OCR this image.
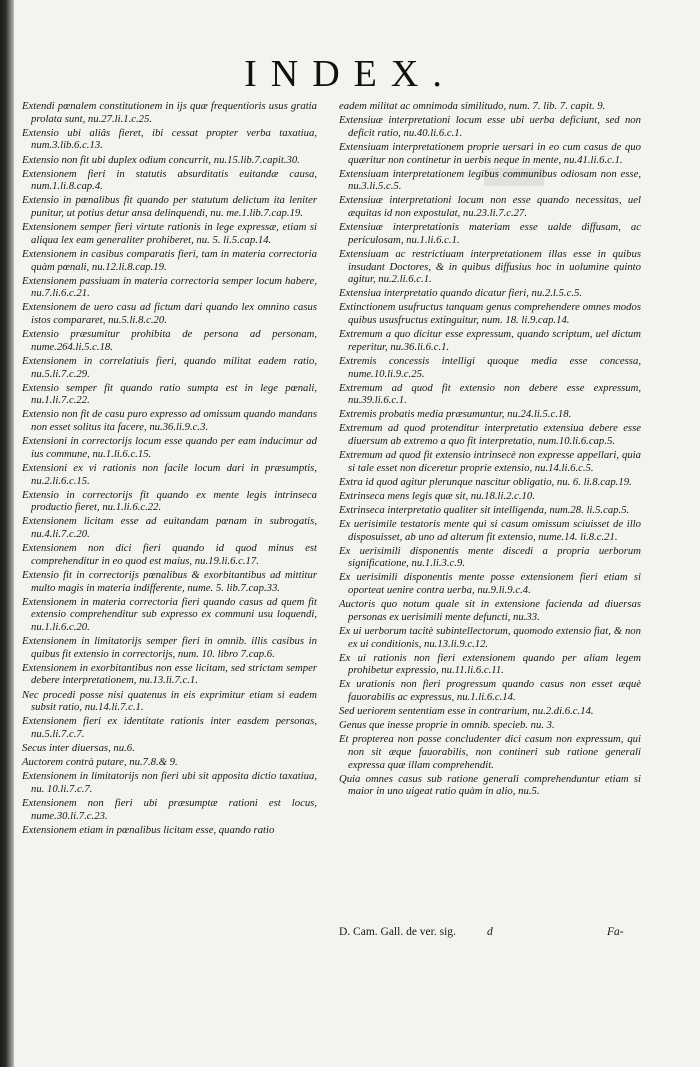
INDEX.

Extendi pœnalem constitutionem in ijs quæ frequentioris usus gratia prolata sunt, nu.27.li.1.c.25.

Extensio ubi aliâs fieret, ibi cessat propter verba taxatiua, num.3.lib.6.c.13.

Extensio non fit ubi duplex odium concurrit, nu.15.lib.7.capit.30.

Extensionem fieri in statutis absurditatis euitandæ causa, num.1.li.8.cap.4.

Extensio in pœnalibus fit quando per statutum delictum ita leniter punitur, ut potius detur ansa delinquendi, nu. me.1.lib.7.cap.19.

Extensionem semper fieri virtute rationis in lege expressæ, etiam si aliqua lex eam generaliter prohiberet, nu. 5. li.5.cap.14.

Extensionem in casibus comparatis fieri, tam in materia correctoria quàm pœnali, nu.12.li.8.cap.19.

Extensionem passiuam in materia correctoria semper locum habere, nu.7.li.6.c.21.

Extensionem de uero casu ad fictum dari quando lex omnino casus istos compararet, nu.5.li.8.c.20.

Extensio præsumitur prohibita de persona ad personam, nume.264.li.5.c.18.

Extensionem in correlatiuis fieri, quando militat eadem ratio, nu.5.li.7.c.29.

Extensio semper fit quando ratio sumpta est in lege pœnali, nu.1.li.7.c.22.

Extensio non fit de casu puro expresso ad omissum quando mandans non esset solitus ita facere, nu.36.li.9.c.3.

Extensioni in correctorijs locum esse quando per eam inducimur ad ius commune, nu.1.li.6.c.15.

Extensioni ex vi rationis non facile locum dari in præsumptis, nu.2.li.6.c.15.

Extensio in correctorijs fit quando ex mente legis intrinseca productio fieret, nu.1.li.6.c.22.

Extensionem licitam esse ad euitandam pœnam in subrogatis, nu.4.li.7.c.20.

Extensionem non dici fieri quando id quod minus est comprehenditur in eo quod est maius, nu.19.li.6.c.17.

Extensio fit in correctorijs pœnalibus & exorbitantibus ad mittitur multo magis in materia indifferente, nume. 5. lib.7.cap.33.

Extensionem in materia correctoria fieri quando casus ad quem fit extensio comprehenditur sub expresso ex communi usu loquendi, nu.1.li.6.c.20.

Extensionem in limitatorijs semper fieri in omnib. illis casibus in quibus fit extensio in correctorijs, num. 10. libro 7.cap.6.

Extensionem in exorbitantibus non esse licitam, sed strictam semper debere interpretationem, nu.13.li.7.c.1.

Nec procedi posse nisi quatenus in eis exprimitur etiam si eadem subsit ratio, nu.14.li.7.c.1.

Extensionem fieri ex identitate rationis inter easdem personas, nu.5.li.7.c.7.

Secus inter diuersas, nu.6.

Auctorem contrà putare, nu.7.8.& 9.

Extensionem in limitatorijs non fieri ubi sit apposita dictio taxatiua, nu. 10.li.7.c.7.

Extensionem non fieri ubi præsumptæ rationi est locus, nume.30.li.7.c.23.

Extensionem etiam in pœnalibus licitam esse, quando ratio

eadem militat ac omnimoda similitudo, num. 7. lib. 7. capit. 9.

Extensiuæ interpretationi locum esse ubi uerba deficiunt, sed non deficit ratio, nu.40.li.6.c.1.

Extensiuam interpretationem proprie uersari in eo cum casus de quo quæritur non continetur in uerbis neque in mente, nu.41.li.6.c.1.

Extensiuam interpretationem legibus communibus odiosam non esse, nu.3.li.5.c.5.

Extensiuæ interpretationi locum non esse quando necessitas, uel æquitas id non expostulat, nu.23.li.7.c.27.

Extensiuæ interpretationis materiam esse ualde diffusam, ac periculosam, nu.1.li.6.c.1.

Extensiuam ac restrictiuam interpretationem illas esse in quibus insudant Doctores, & in quibus diffusius hoc in uolumine quinto agitur, nu.2.li.6.c.1.

Extensiua interpretatio quando dicatur fieri, nu.2.l.5.c.5.

Extinctionem usufructus tanquam genus comprehendere omnes modos quibus ususfructus extinguitur, num. 18. li.9.cap.14.

Extremum a quo dicitur esse expressum, quando scriptum, uel dictum reperitur, nu.36.li.6.c.1.

Extremis concessis intelligi quoque media esse concessa, nume.10.li.9.c.25.

Extremum ad quod fit extensio non debere esse expressum, nu.39.li.6.c.1.

Extremis probatis media præsumuntur, nu.24.li.5.c.18.

Extremum ad quod protenditur interpretatio extensiua debere esse diuersum ab extremo a quo fit interpretatio, num.10.li.6.cap.5.

Extremum ad quod fit extensio intrinsecè non expresse appellari, quia si tale esset non diceretur proprie extensio, nu.14.li.6.c.5.

Extra id quod agitur plerunque nascitur obligatio, nu. 6. li.8.cap.19.

Extrinseca mens legis quæ sit, nu.18.li.2.c.10.

Extrinseca interpretatio qualiter sit intelligenda, num.28. li.5.cap.5.

Ex uerisimile testatoris mente qui si casum omissum sciuisset de illo disposuisset, ab uno ad alterum fit extensio, nume.14. li.8.c.21.

Ex uerisimili disponentis mente discedi a propria uerborum significatione, nu.1.li.3.c.9.

Ex uerisimili disponentis mente posse extensionem fieri etiam si oporteat uenire contra uerba, nu.9.li.9.c.4.

Auctoris quo notum quale sit in extensione facienda ad diuersas personas ex uerisimili mente defuncti, nu.33.

Ex ui uerborum tacitè subintellectorum, quomodo extensio fiat, & non ex ui conditionis, nu.13.li.9.c.12.

Ex ui rationis non fieri extensionem quando per aliam legem prohibetur expressio, nu.11.li.6.c.11.

Ex urationis non fieri progressum quando casus non esset æquè fauorabilis ac expressus, nu.1.li.6.c.14.

Sed ueriorem sententiam esse in contrarium, nu.2.di.6.c.14.

Genus que inesse proprie in omnib. specieb. nu. 3.

Et propterea non posse concludenter dici casum non expressum, qui non sit æque fauorabilis, non contineri sub ratione generali expressa quæ illam comprehendit.

Quia omnes casus sub ratione generali comprehenduntur etiam si maior in uno uigeat ratio quàm in alio, nu.5.

D. Cam. Gall. de ver. sig.	d	Fa-
